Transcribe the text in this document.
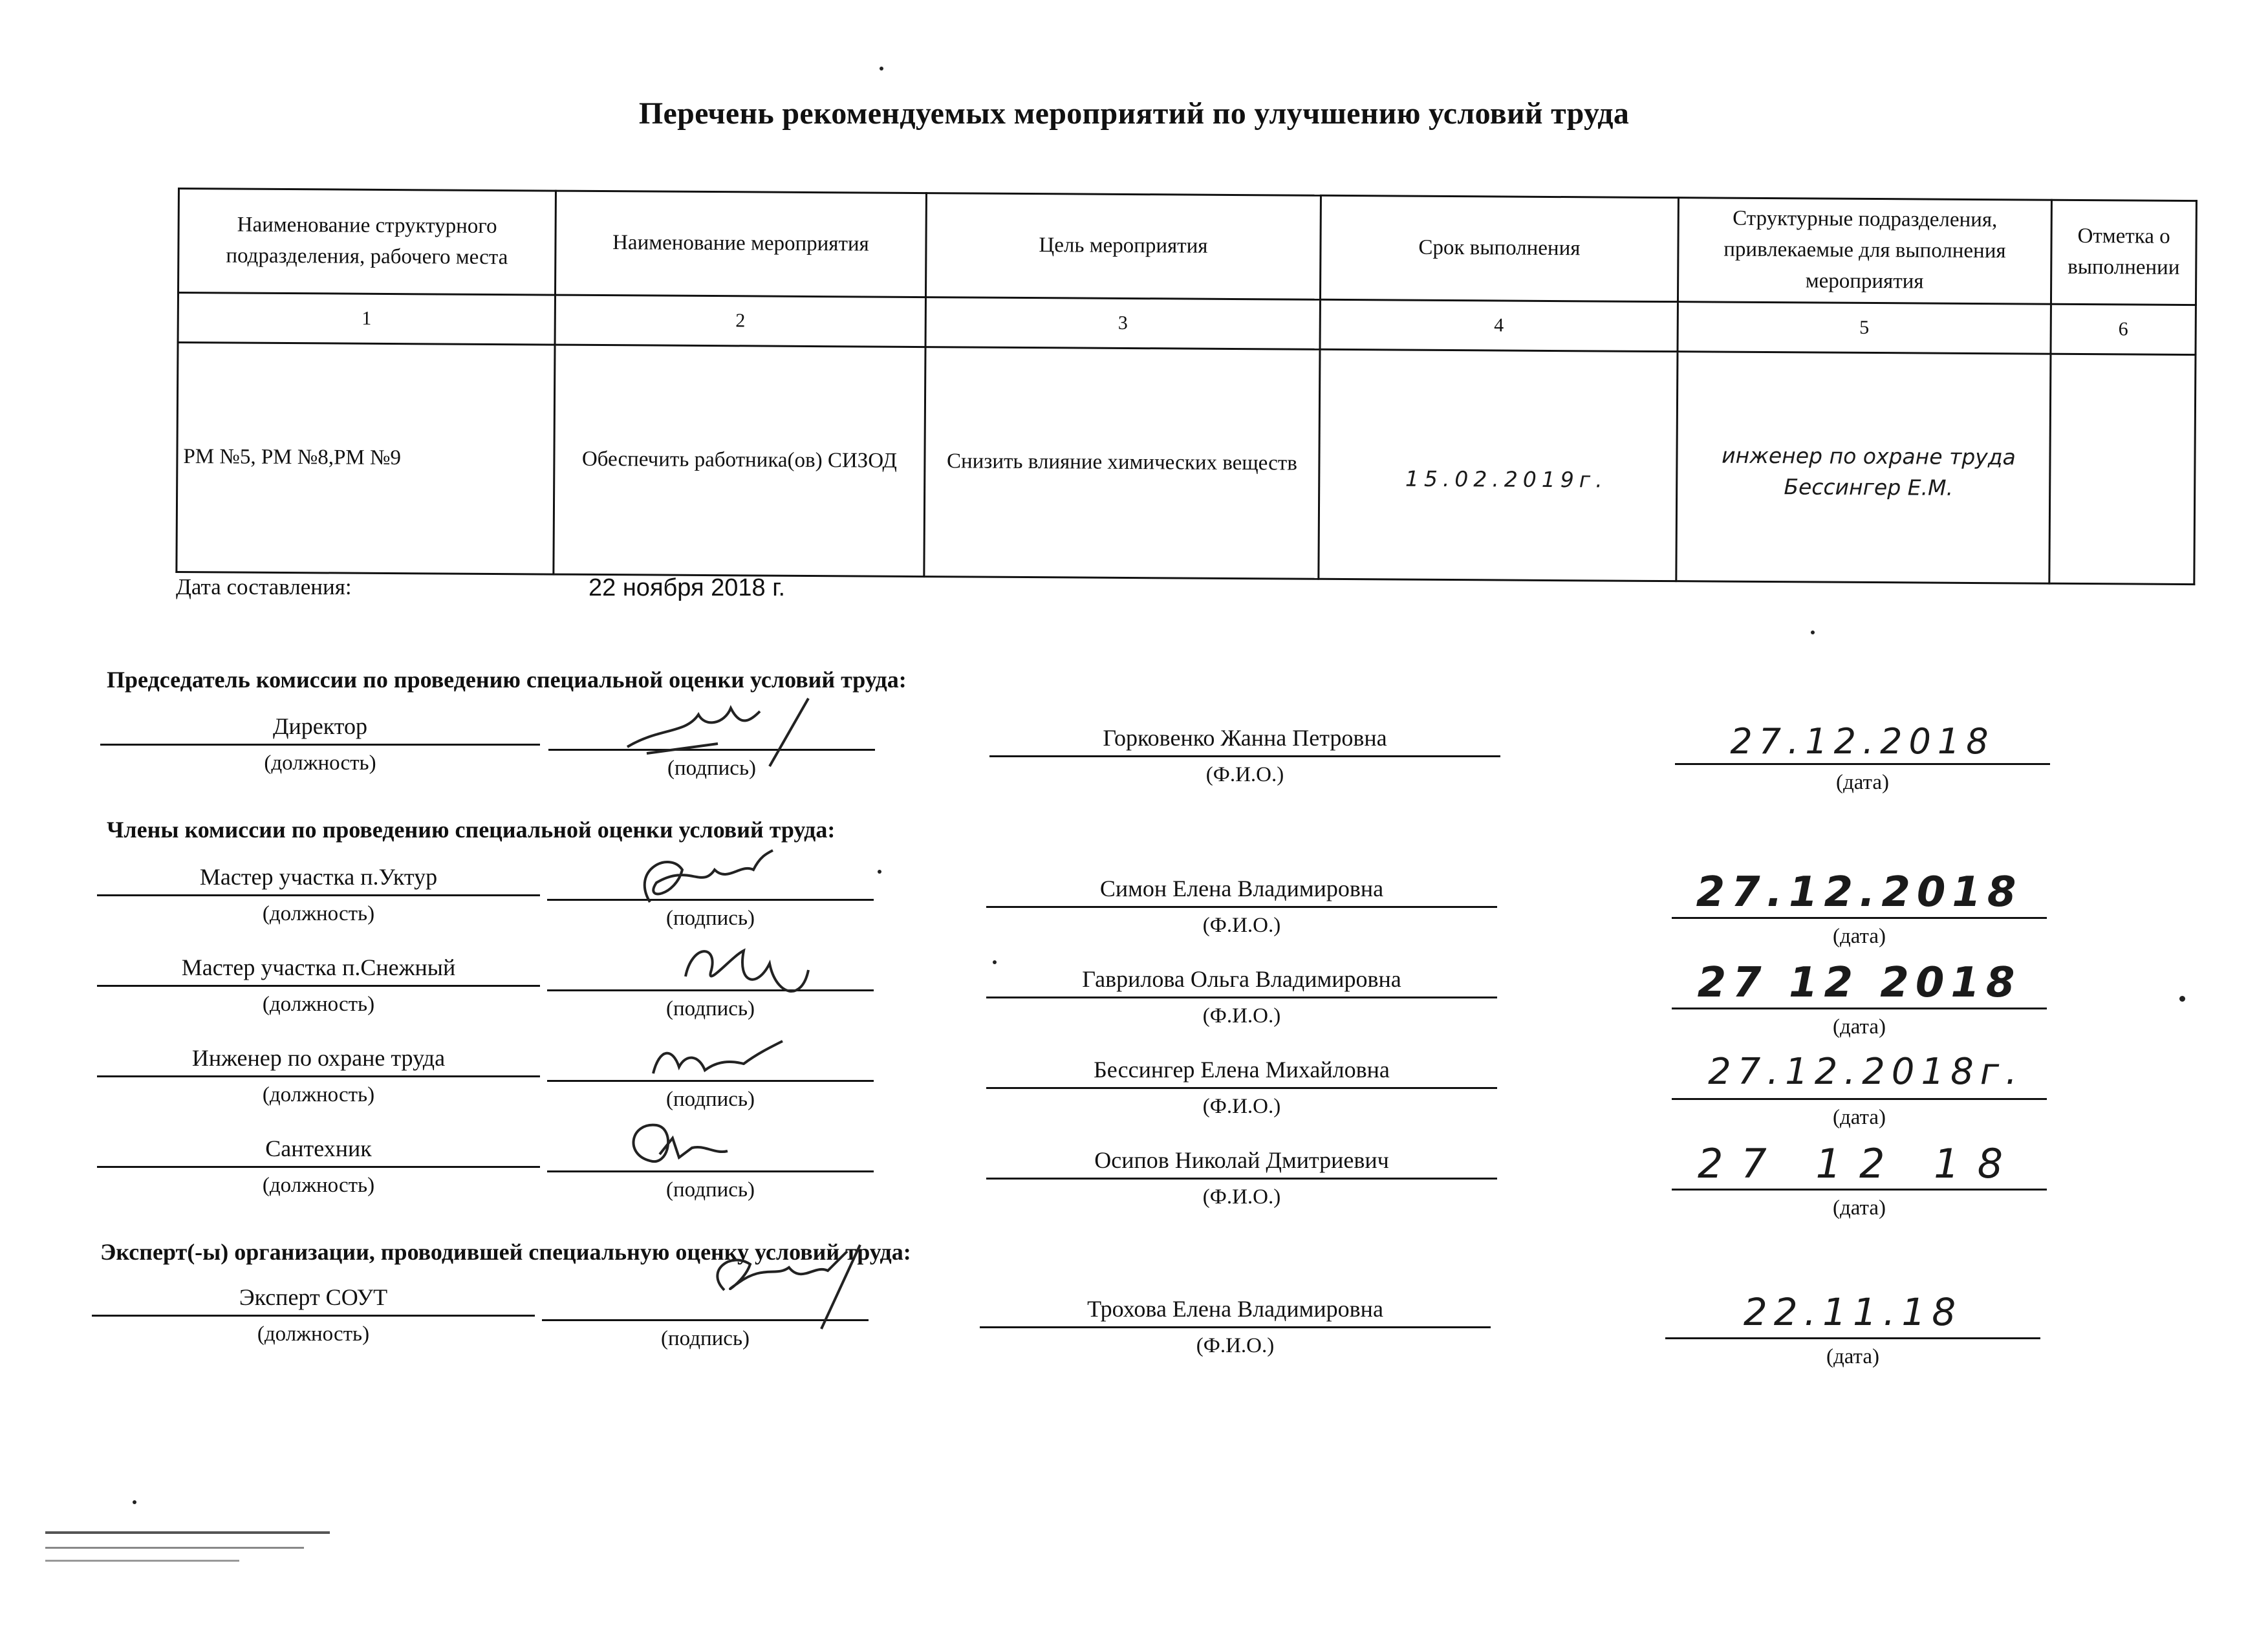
Перечень рекомендуемых мероприятий по улучшению условий труда
Наименование структурного подразделения, рабочего места	Наименование мероприятия	Цель мероприятия	Срок выполнения	Структурные подразделения, привлекаемые для выполнения мероприятия	Отметка о выполнении
1	2	3	4	5	6
РМ №5, РМ №8,РМ №9	Обеспечить работника(ов) СИЗОД	Снизить влияние химических веществ	15.02.2019г.	инженер по охране труда Бессингер Е.М.	
Дата составления:	22 ноября 2018 г.
Председатель комиссии по проведению специальной оценки условий труда:
Директор
(должность)	(подпись)
Горковенко Жанна Петровна
(Ф.И.О.)
27.12.2018
(дата)
Члены комиссии по проведению специальной оценки условий труда:
Мастер участка п.Уктур
(должность)	(подпись)
Симон Елена Владимировна
(Ф.И.О.)
27.12.2018
(дата)
Мастер участка п.Снежный
(должность)	(подпись)
Гаврилова Ольга Владимировна
(Ф.И.О.)
27 12 2018
(дата)
Инженер по охране труда
(должность)	(подпись)
Бессингер Елена Михайловна
(Ф.И.О.)
27.12.2018г.
(дата)
Сантехник
(должность)	(подпись)
Осипов Николай Дмитриевич
(Ф.И.О.)
27 12 18
(дата)
Эксперт(-ы) организации, проводившей специальную оценку условий труда:
Эксперт СОУТ
(должность)	(подпись)
Трохова Елена Владимировна
(Ф.И.О.)
22.11.18
(дата)
